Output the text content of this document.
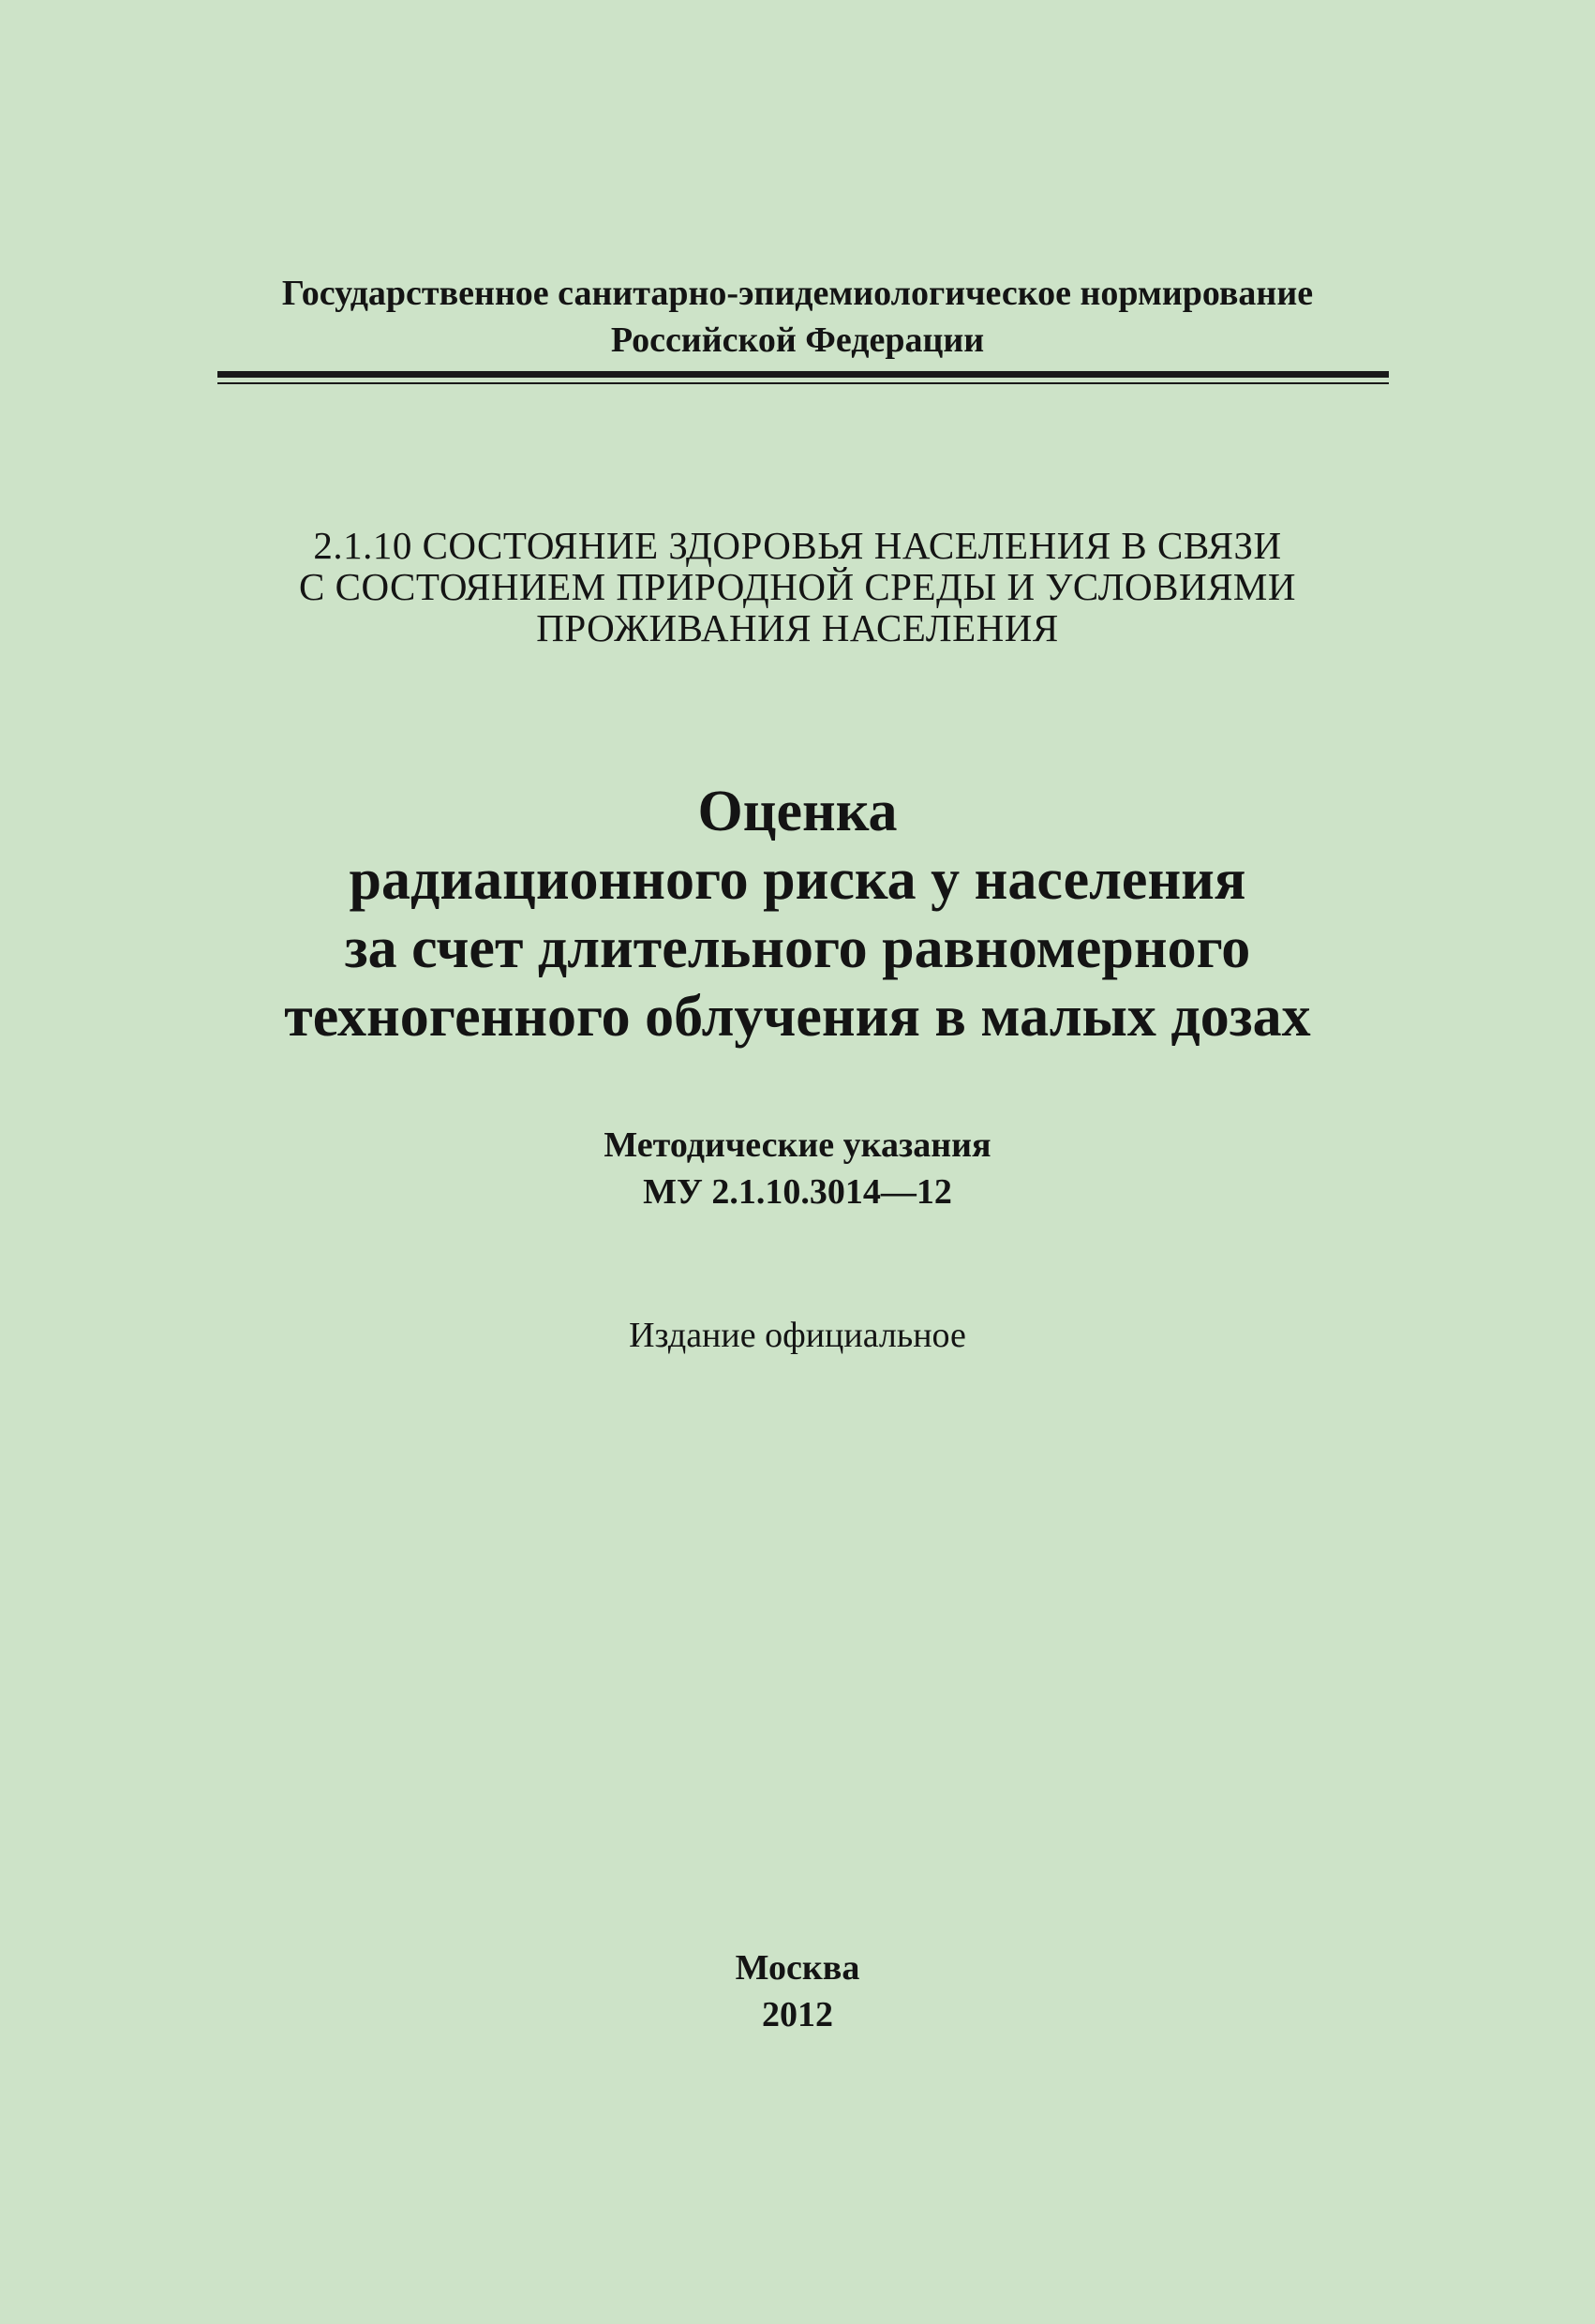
Государственное санитарно-эпидемиологическое нормирование
Российской Федерации
2.1.10 СОСТОЯНИЕ ЗДОРОВЬЯ НАСЕЛЕНИЯ В СВЯЗИ
С СОСТОЯНИЕМ ПРИРОДНОЙ СРЕДЫ И УСЛОВИЯМИ
ПРОЖИВАНИЯ НАСЕЛЕНИЯ
Оценка
радиационного риска у населения
за счет длительного равномерного
техногенного облучения в малых дозах
Методические указания
МУ 2.1.10.3014—12
Издание официальное
Москва
2012
